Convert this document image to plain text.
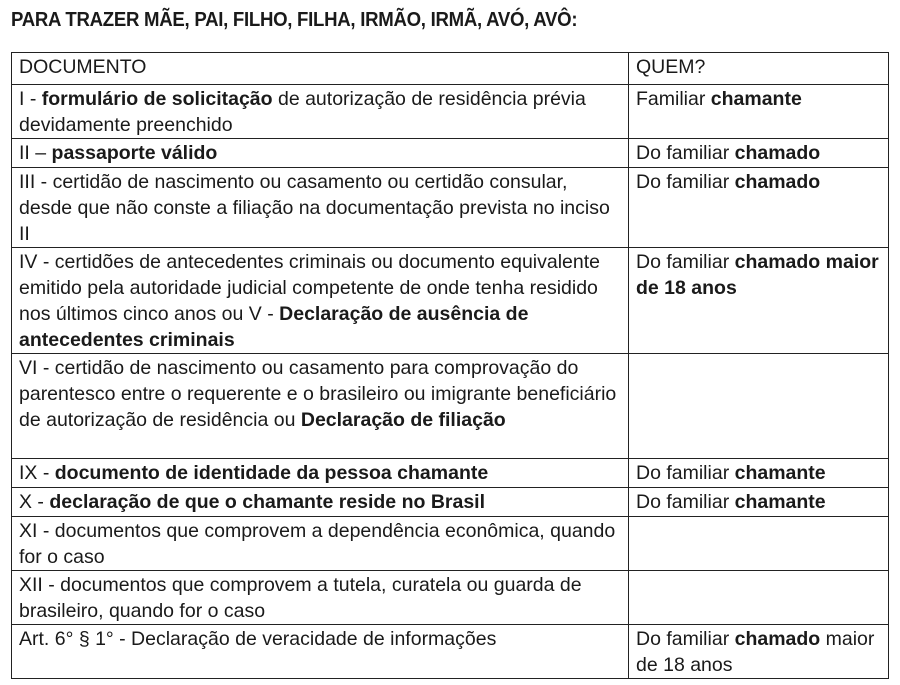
PARA TRAZER MÃE, PAI, FILHO, FILHA, IRMÃO, IRMÃ, AVÓ, AVÔ:
DOCUMENTO	QUEM?
I - formulário de solicitação de autorização de residência prévia devidamente preenchido	Familiar chamante
II – passaporte válido	Do familiar chamado
III - certidão de nascimento ou casamento ou certidão consular, desde que não conste a filiação na documentação prevista no inciso II	Do familiar chamado
IV - certidões de antecedentes criminais ou documento equivalente emitido pela autoridade judicial competente de onde tenha residido nos últimos cinco anos ou V - Declaração de ausência de antecedentes criminais	Do familiar chamado maior de 18 anos
VI - certidão de nascimento ou casamento para comprovação do parentesco entre o requerente e o brasileiro ou imigrante beneficiário de autorização de residência ou Declaração de filiação	
IX - documento de identidade da pessoa chamante	Do familiar chamante
X - declaração de que o chamante reside no Brasil	Do familiar chamante
XI - documentos que comprovem a dependência econômica, quando for o caso	
XII - documentos que comprovem a tutela, curatela ou guarda de brasileiro, quando for o caso	
Art. 6° § 1° - Declaração de veracidade de informações	Do familiar chamado maior de 18 anos
